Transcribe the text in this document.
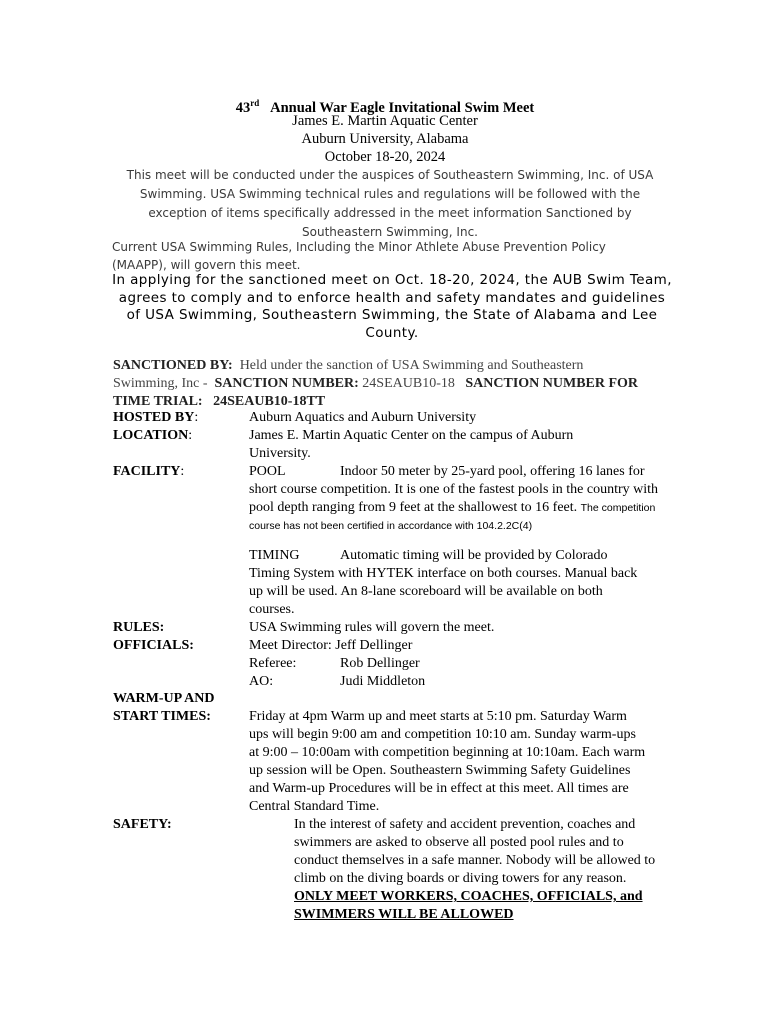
43rd Annual War Eagle Invitational Swim Meet
James E. Martin Aquatic Center
Auburn University, Alabama
October 18-20, 2024
This meet will be conducted under the auspices of Southeastern Swimming, Inc. of USA Swimming. USA Swimming technical rules and regulations will be followed with the exception of items specifically addressed in the meet information Sanctioned by Southeastern Swimming, Inc.
Current USA Swimming Rules, Including the Minor Athlete Abuse Prevention Policy (MAAPP), will govern this meet.
In applying for the sanctioned meet on Oct. 18-20, 2024, the AUB Swim Team, agrees to comply and to enforce health and safety mandates and guidelines of USA Swimming, Southeastern Swimming, the State of Alabama and Lee County.
SANCTIONED BY: Held under the sanction of USA Swimming and Southeastern Swimming, Inc - SANCTION NUMBER: 24SEAUB10-18 SANCTION NUMBER FOR TIME TRIAL: 24SEAUB10-18TT
HOSTED BY:	Auburn Aquatics and Auburn University
LOCATION:	James E. Martin Aquatic Center on the campus of Auburn University.
FACILITY:	POOL	Indoor 50 meter by 25-yard pool, offering 16 lanes for short course competition. It is one of the fastest pools in the country with pool depth ranging from 9 feet at the shallowest to 16 feet. The competition course has not been certified in accordance with 104.2.2C(4)
TIMING	Automatic timing will be provided by Colorado Timing System with HYTEK interface on both courses. Manual back up will be used. An 8-lane scoreboard will be available on both courses.
RULES:	USA Swimming rules will govern the meet.
OFFICIALS:	Meet Director: Jeff Dellinger
Referee:	Rob Dellinger
AO:	Judi Middleton
WARM-UP AND
START TIMES:	Friday at 4pm Warm up and meet starts at 5:10 pm. Saturday Warm ups will begin 9:00 am and competition 10:10 am. Sunday warm-ups at 9:00 – 10:00am with competition beginning at 10:10am. Each warm up session will be Open. Southeastern Swimming Safety Guidelines and Warm-up Procedures will be in effect at this meet. All times are Central Standard Time.
SAFETY:	In the interest of safety and accident prevention, coaches and swimmers are asked to observe all posted pool rules and to conduct themselves in a safe manner. Nobody will be allowed to climb on the diving boards or diving towers for any reason.  ONLY MEET WORKERS, COACHES, OFFICIALS, and SWIMMERS WILL BE ALLOWED
